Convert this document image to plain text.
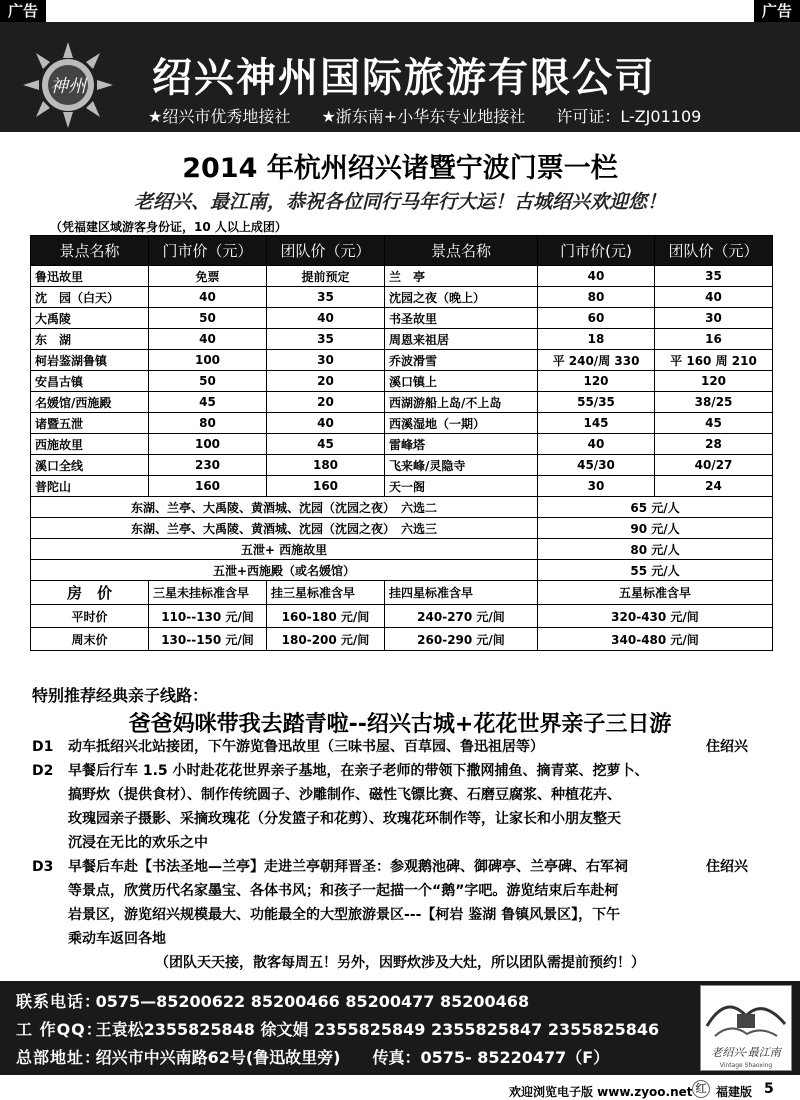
广告	广告
神州 绍兴神州国际旅游有限公司
★绍兴市优秀地接社 ★浙东南+小华东专业地接社 许可证：L-ZJ01109
2014 年杭州绍兴诸暨宁波门票一栏
老绍兴、最江南，恭祝各位同行马年行大运！古城绍兴欢迎您！
（凭福建区域游客身份证，10 人以上成团）
景点名称	门市价（元）	团队价（元）	景点名称	门市价(元)	团队价（元）
鲁迅故里	免票	提前预定	兰　亭	40	35
沈　园（白天）	40	35	沈园之夜（晚上）	80	40
大禹陵	50	40	书圣故里	60	30
东　湖	40	35	周恩来祖居	18	16
柯岩鉴湖鲁镇	100	30	乔波滑雪	平 240/周 330	平 160 周 210
安昌古镇	50	20	溪口镇上	120	120
名媛馆/西施殿	45	20	西湖游船上岛/不上岛	55/35	38/25
诸暨五泄	80	40	西溪湿地（一期）	145	45
西施故里	100	45	雷峰塔	40	28
溪口全线	230	180	飞来峰/灵隐寺	45/30	40/27
普陀山	160	160	天一阁	30	24
东湖、兰亭、大禹陵、黄酒城、沈园（沈园之夜）　六选二				65 元/人	
东湖、兰亭、大禹陵、黄酒城、沈园（沈园之夜）　六选三				90 元/人	
五泄+ 西施故里				80 元/人	
五泄+西施殿（或名媛馆）				55 元/人	
房　价	三星未挂标准含早	挂三星标准含早	挂四星标准含早	五星标准含早	
平时价	110--130 元/间	160-180 元/间	240-270 元/间	320-430 元/间	
周末价	130--150 元/间	180-200 元/间	260-290 元/间	340-480 元/间	
特别推荐经典亲子线路：
爸爸妈咪带我去踏青啦--绍兴古城+花花世界亲子三日游
D1	动车抵绍兴北站接团，下午游览鲁迅故里（三味书屋、百草园、鲁迅祖居等）	住绍兴
D2	早餐后行车 1.5 小时赴花花世界亲子基地，在亲子老师的带领下撒网捕鱼、摘青菜、挖萝卜、
搞野炊（提供食材）、制作传统圆子、沙雕制作、磁性飞镖比赛、石磨豆腐浆、种植花卉、
玫瑰园亲子摄影、采摘玫瑰花（分发篮子和花剪）、玫瑰花环制作等，让家长和小朋友整天
沉浸在无比的欢乐之中
住绍兴
D3	早餐后车赴【书法圣地—兰亭】走进兰亭朝拜晋圣：参观鹅池碑、御碑亭、兰亭碑、右军祠
等景点，欣赏历代名家墨宝、各体书风；和孩子一起描一个“鹅”字吧。游览结束后车赴柯
岩景区，游览绍兴规模最大、功能最全的大型旅游景区---【柯岩 鉴湖 鲁镇风景区】，下午
乘动车返回各地
（团队天天接，散客每周五！另外，因野炊涉及大灶，所以团队需提前预约！）
联系电话： 0575—85200622 85200466 85200477 85200468
工 作QQ： 王袁松2355825848 徐文娟 2355825849 2355825847 2355825846
总部地址： 绍兴市中兴南路62号(鲁迅故里旁)　　传真：0575- 85220477（F）	老绍兴·最江南
Vintage Shaoxing
欢迎浏览电子版 www.zyoo.net 红 福建版 5
